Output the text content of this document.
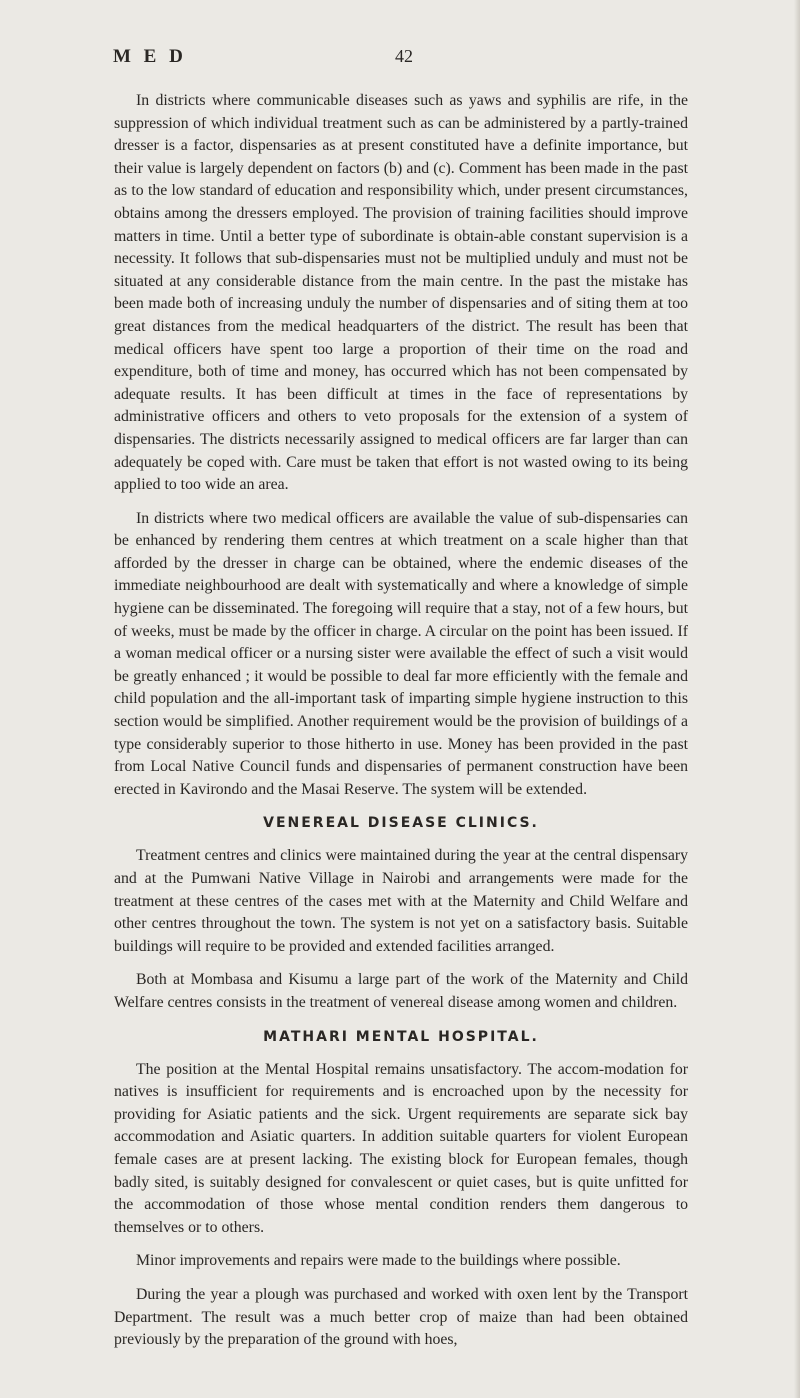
M E D	42

In districts where communicable diseases such as yaws and syphilis are rife, in the suppression of which individual treatment such as can be administered by a partly-trained dresser is a factor, dispensaries as at present constituted have a definite importance, but their value is largely dependent on factors (b) and (c). Comment has been made in the past as to the low standard of education and responsibility which, under present circumstances, obtains among the dressers employed. The provision of training facilities should improve matters in time. Until a better type of subordinate is obtain-able constant supervision is a necessity. It follows that sub-dispensaries must not be multiplied unduly and must not be situated at any considerable distance from the main centre. In the past the mistake has been made both of increasing unduly the number of dispensaries and of siting them at too great distances from the medical headquarters of the district. The result has been that medical officers have spent too large a proportion of their time on the road and expenditure, both of time and money, has occurred which has not been compensated by adequate results. It has been difficult at times in the face of representations by administrative officers and others to veto proposals for the extension of a system of dispensaries. The districts necessarily assigned to medical officers are far larger than can adequately be coped with. Care must be taken that effort is not wasted owing to its being applied to too wide an area.

In districts where two medical officers are available the value of sub-dispensaries can be enhanced by rendering them centres at which treatment on a scale higher than that afforded by the dresser in charge can be obtained, where the endemic diseases of the immediate neighbourhood are dealt with systematically and where a knowledge of simple hygiene can be disseminated. The foregoing will require that a stay, not of a few hours, but of weeks, must be made by the officer in charge. A circular on the point has been issued. If a woman medical officer or a nursing sister were available the effect of such a visit would be greatly enhanced ; it would be possible to deal far more efficiently with the female and child population and the all-important task of imparting simple hygiene instruction to this section would be simplified. Another requirement would be the provision of buildings of a type considerably superior to those hitherto in use. Money has been provided in the past from Local Native Council funds and dispensaries of permanent construction have been erected in Kavirondo and the Masai Reserve. The system will be extended.

VENEREAL DISEASE CLINICS.

Treatment centres and clinics were maintained during the year at the central dispensary and at the Pumwani Native Village in Nairobi and arrangements were made for the treatment at these centres of the cases met with at the Maternity and Child Welfare and other centres throughout the town. The system is not yet on a satisfactory basis. Suitable buildings will require to be provided and extended facilities arranged.

Both at Mombasa and Kisumu a large part of the work of the Maternity and Child Welfare centres consists in the treatment of venereal disease among women and children.

MATHARI MENTAL HOSPITAL.

The position at the Mental Hospital remains unsatisfactory. The accom-modation for natives is insufficient for requirements and is encroached upon by the necessity for providing for Asiatic patients and the sick. Urgent requirements are separate sick bay accommodation and Asiatic quarters. In addition suitable quarters for violent European female cases are at present lacking. The existing block for European females, though badly sited, is suitably designed for convalescent or quiet cases, but is quite unfitted for the accommodation of those whose mental condition renders them dangerous to themselves or to others.

Minor improvements and repairs were made to the buildings where possible.

During the year a plough was purchased and worked with oxen lent by the Transport Department. The result was a much better crop of maize than had been obtained previously by the preparation of the ground with hoes,
